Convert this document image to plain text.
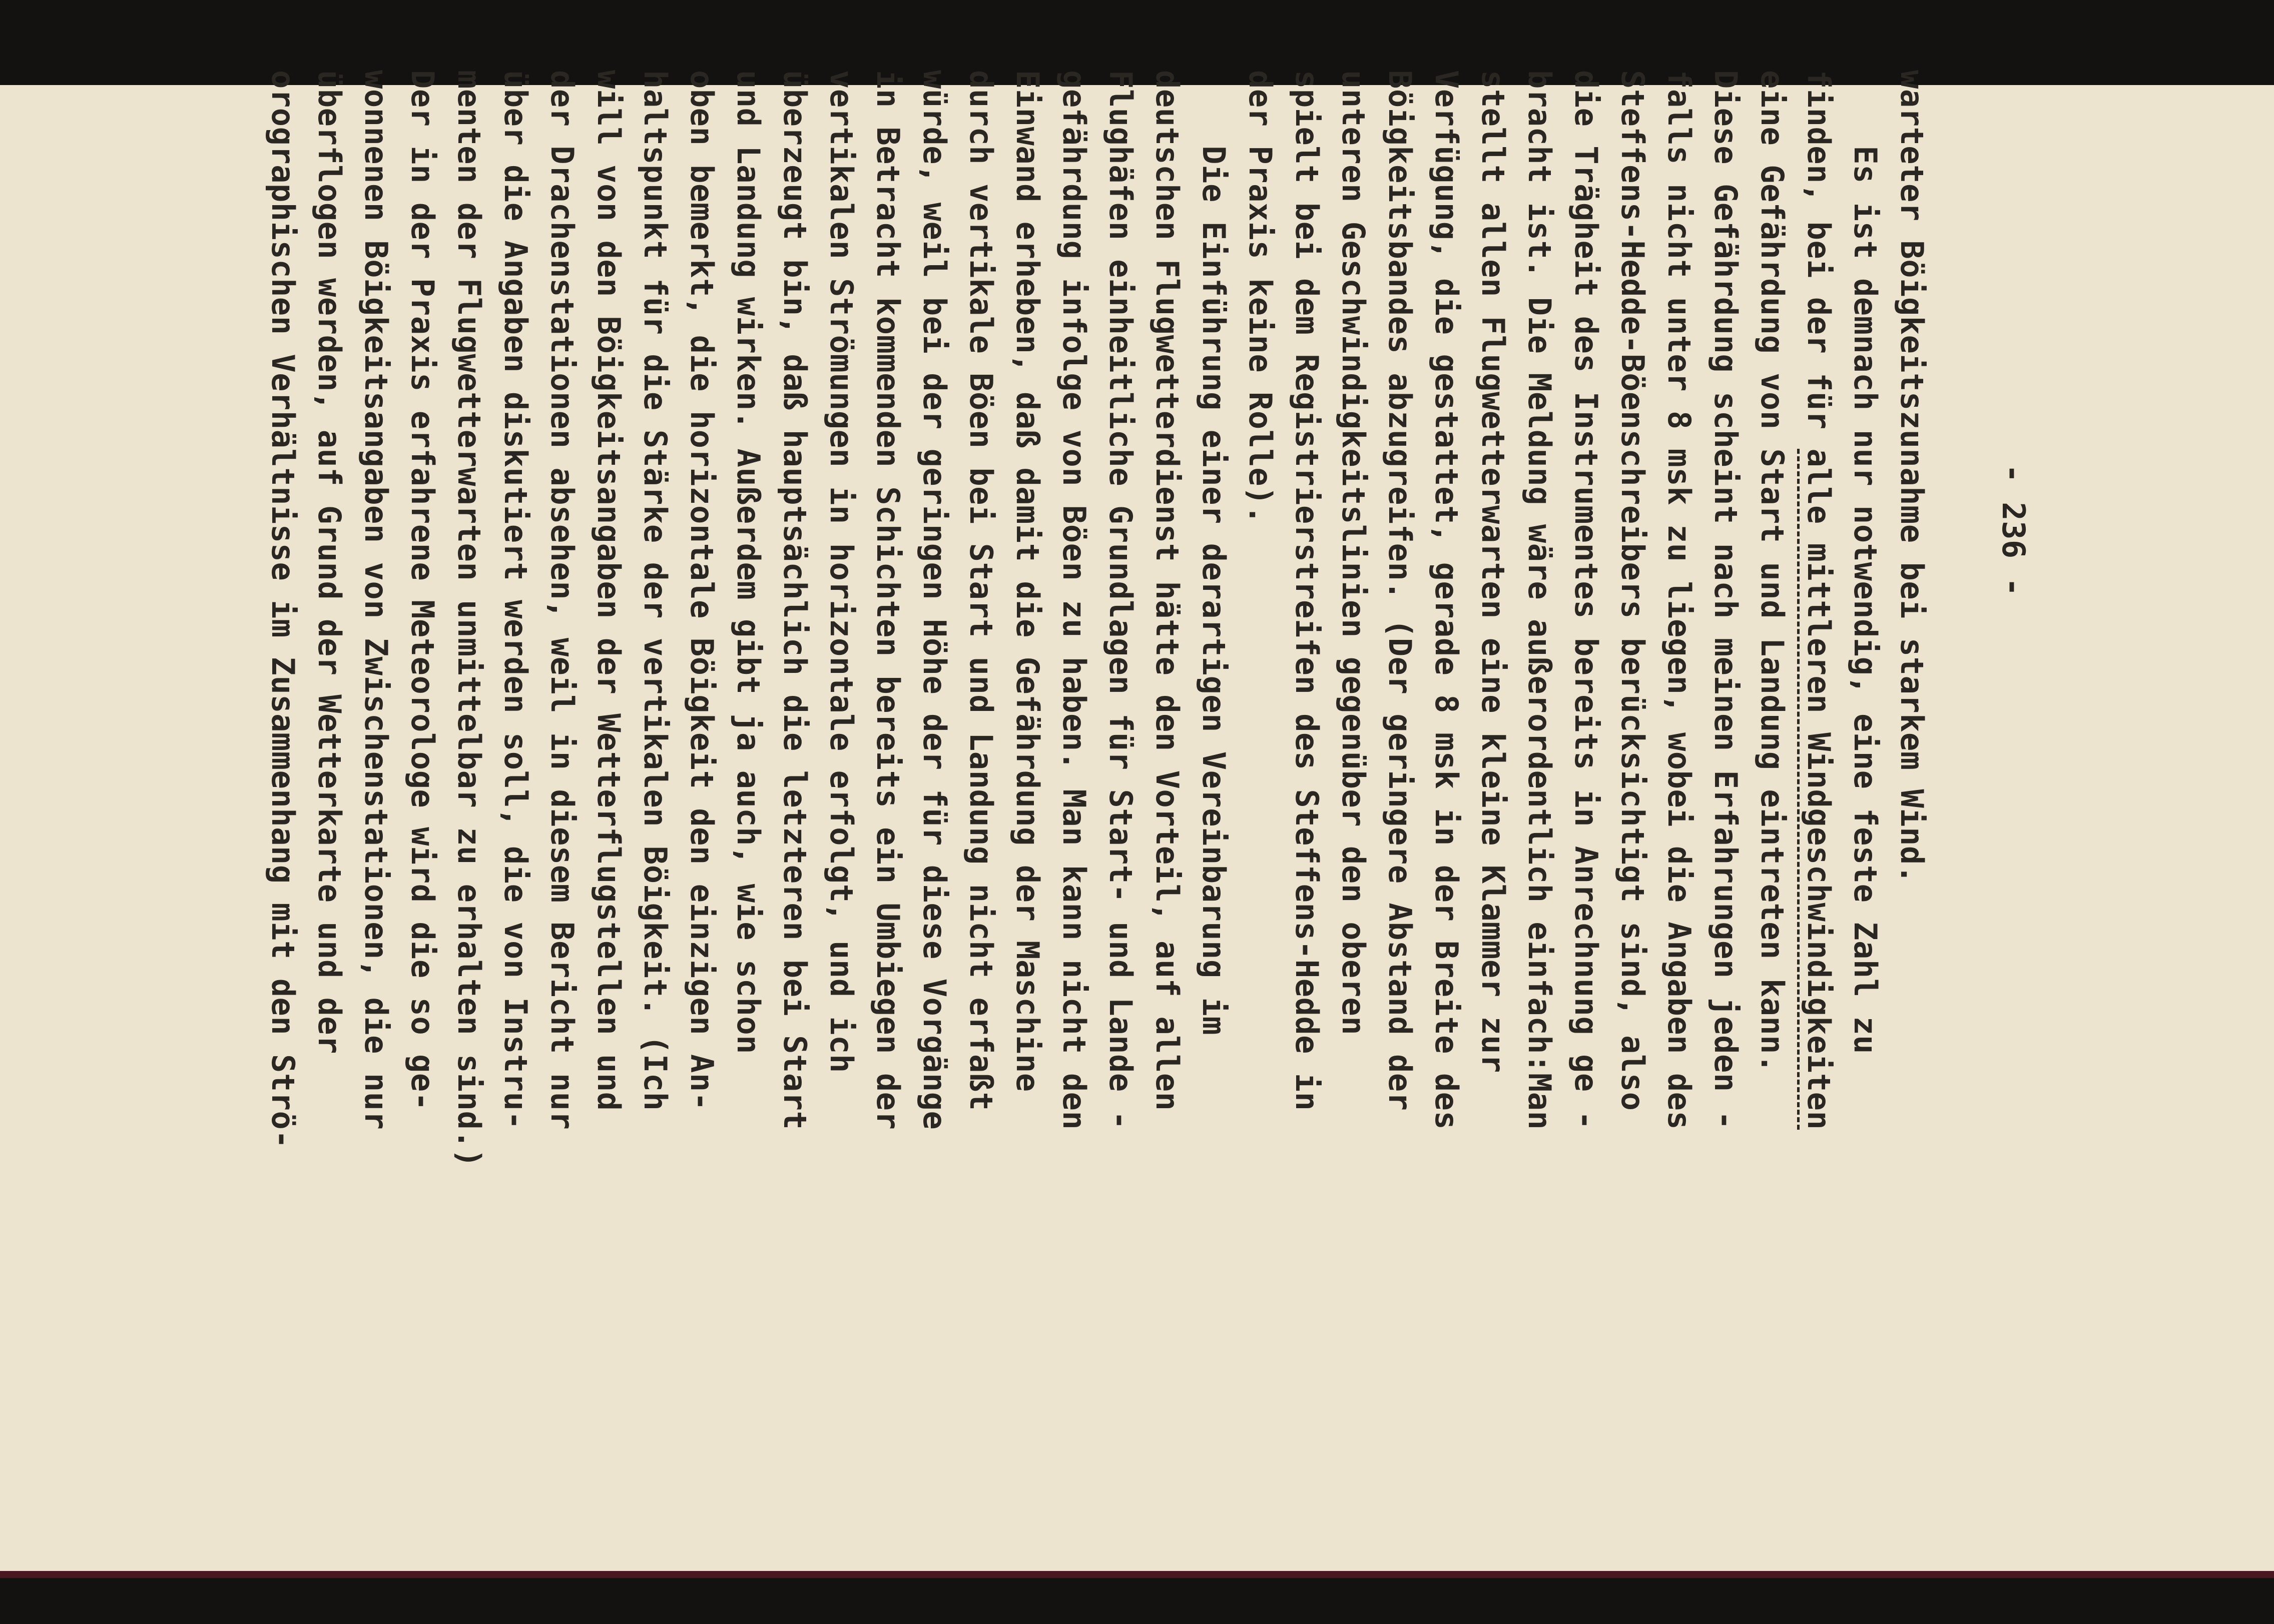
- 236 -
warteter Böigkeitszunahme bei starkem Wind.
Es ist demnach nur notwendig, eine feste Zahl zu
finden, bei der für alle mittleren Windgeschwindigkeiten
eine Gefährdung von Start und Landung eintreten kann.
Diese Gefährdung scheint nach meinen Erfahrungen jeden -
falls nicht unter 8 msk zu liegen, wobei die Angaben des
Steffens-Hedde-Böenschreibers berücksichtigt sind, also
die Trägheit des Instrumentes bereits in Anrechnung ge -
bracht ist. Die Meldung wäre außerordentlich einfach:Man
stellt allen Flugwetterwarten eine kleine Klammer zur
Verfügung, die gestattet, gerade 8 msk in der Breite des
Böigkeitsbandes abzugreifen. (Der geringere Abstand der
unteren Geschwindigkeitslinien gegenüber den oberen
spielt bei dem Registrierstreifen des Steffens-Hedde in
der Praxis keine Rolle).
Die Einführung einer derartigen Vereinbarung im
deutschen Flugwetterdienst hätte den Vorteil, auf allen
Flughäfen einheitliche Grundlagen für Start- und Lande -
gefährdung infolge von Böen zu haben. Man kann nicht den
Einwand erheben, daß damit die Gefährdung der Maschine
durch vertikale Böen bei Start und Landung nicht erfaßt
würde, weil bei der geringen Höhe der für diese Vorgänge
in Betracht kommenden Schichten bereits ein Umbiegen der
vertikalen Strömungen in horizontale erfolgt, und ich
überzeugt bin, daß hauptsächlich die letzteren bei Start
und Landung wirken. Außerdem gibt ja auch, wie schon
oben bemerkt, die horizontale Böigkeit den einzigen An-
haltspunkt für die Stärke der vertikalen Böigkeit. (Ich
will von den Böigkeitsangaben der Wetterflugstellen und
der Drachenstationen absehen, weil in diesem Bericht nur
über die Angaben diskutiert werden soll, die von Instru-
menten der Flugwetterwarten unmittelbar zu erhalten sind.)
Der in der Praxis erfahrene Meteorologe wird die so ge-
wonnenen Böigkeitsangaben von Zwischenstationen, die nur
überflogen werden, auf Grund der Wetterkarte und der
orographischen Verhältnisse im Zusammenhang mit den Strö-
